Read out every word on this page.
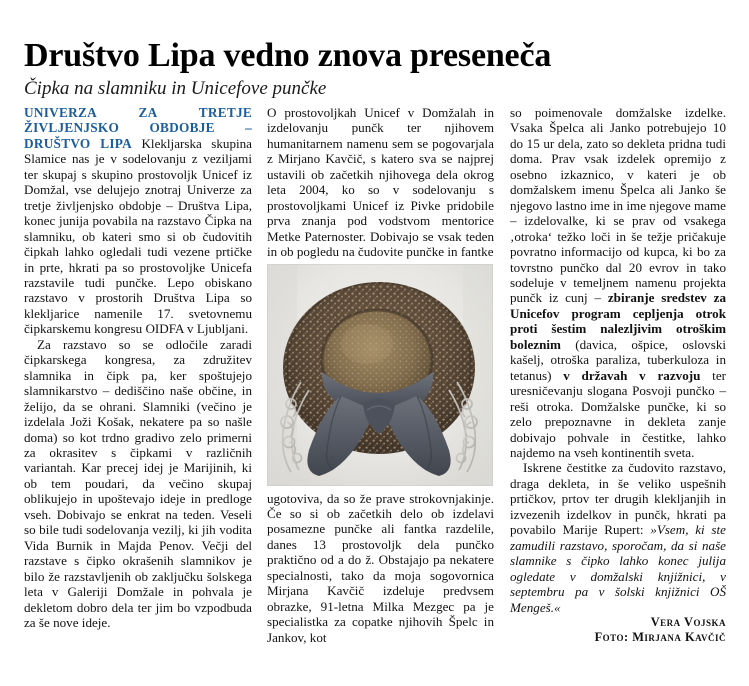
Društvo Lipa vedno znova preseneča
Čipka na slamniku in Unicefove punčke

UNIVERZA ZA TRETJE ŽIVLJENJSKO OBDOBJE – DRUŠTVO LIPA Klekljarska skupina Slamice nas je v sodelovanju z veziljami ter skupaj s skupino prostovoljk Unicef iz Domžal, vse delujejo znotraj Univerze za tretje življenjsko obdobje – Društva Lipa, konec junija povabila na razstavo Čipka na slamniku, ob kateri smo si ob čudovitih čipkah lahko ogledali tudi vezene prtičke in prte, hkrati pa so prostovoljke Unicefa razstavile tudi punčke. Lepo obiskano razstavo v prostorih Društva Lipa so klekljarice namenile 17. svetovnemu čipkarskemu kongresu OIDFA v Ljubljani.

Za razstavo so se odločile zaradi čipkarskega kongresa, za združitev slamnika in čipk pa, ker spoštujejo slamnikarstvo – dediščino naše občine, in želijo, da se ohrani. Slamniki (večino je izdelala Joži Košak, nekatere pa so našle doma) so kot trdno gradivo zelo primerni za okrasitev s čipkami v različnih variantah. Kar precej idej je Marijinih, ki ob tem poudari, da večino skupaj oblikujejo in upoštevajo ideje in predloge vseh. Dobivajo se enkrat na teden. Veseli so bile tudi sodelovanja vezilj, ki jih vodita Vida Burnik in Majda Penov. Večji del razstave s čipko okrašenih slamnikov je bilo že razstavljenih ob zaključku šolskega leta v Galeriji Domžale in pohvala je dekletom dobro dela ter jim bo vzpodbuda za še nove ideje.

O prostovoljkah Unicef v Domžalah in izdelovanju punčk ter njihovem humanitarnem namenu sem se pogovarjala z Mirjano Kavčič, s katero sva se najprej ustavili ob začetkih njihovega dela okrog leta 2004, ko so v sodelovanju s prostovoljkami Unicef iz Pivke pridobile prva znanja pod vodstvom mentorice Metke Paternoster. Dobivajo se vsak teden in ob pogledu na čudovite punčke in fantke

ugotoviva, da so že prave strokovnjakinje. Če so si ob začetkih delo ob izdelavi posamezne punčke ali fantka razdelile, danes 13 prostovoljk dela punčko praktično od a do ž. Obstajajo pa nekatere specialnosti, tako da moja sogovornica Mirjana Kavčič izdeluje predvsem obrazke, 91-letna Milka Mezgec pa je specialistka za copatke njihovih Špelc in Jankov, kot

so poimenovale domžalske izdelke. Vsaka Špelca ali Janko potrebujejo 10 do 15 ur dela, zato so dekleta pridna tudi doma. Prav vsak izdelek opremijo z osebno izkaznico, v kateri je ob domžalskem imenu Špelca ali Janko še njegovo lastno ime in ime njegove mame – izdelovalke, ki se prav od vsakega ‚otroka‘ težko loči in še težje pričakuje povratno informacijo od kupca, ki bo za tovrstno punčko dal 20 evrov in tako sodeluje v temeljnem namenu projekta punčk iz cunj – zbiranje sredstev za Unicefov program cepljenja otrok proti šestim nalezljivim otroškim boleznim (davica, ošpice, oslovski kašelj, otroška paraliza, tuberkuloza in tetanus) v državah v razvoju ter uresničevanju slogana Posvoji punčko – reši otroka. Domžalske punčke, ki so zelo prepoznavne in dekleta zanje dobivajo pohvale in čestitke, lahko najdemo na vseh kontinentih sveta.

Iskrene čestitke za čudovito razstavo, draga dekleta, in še veliko uspešnih prtičkov, prtov ter drugih klekljanjih in izvezenih izdelkov in punčk, hkrati pa povabilo Marije Rupert: »Vsem, ki ste zamudili razstavo, sporočam, da si naše slamnike s čipko lahko konec julija ogledate v domžalski knjižnici, v septembru pa v šolski knjižnici OŠ Mengeš.«

Vera Vojska

Foto: Mirjana Kavčič
